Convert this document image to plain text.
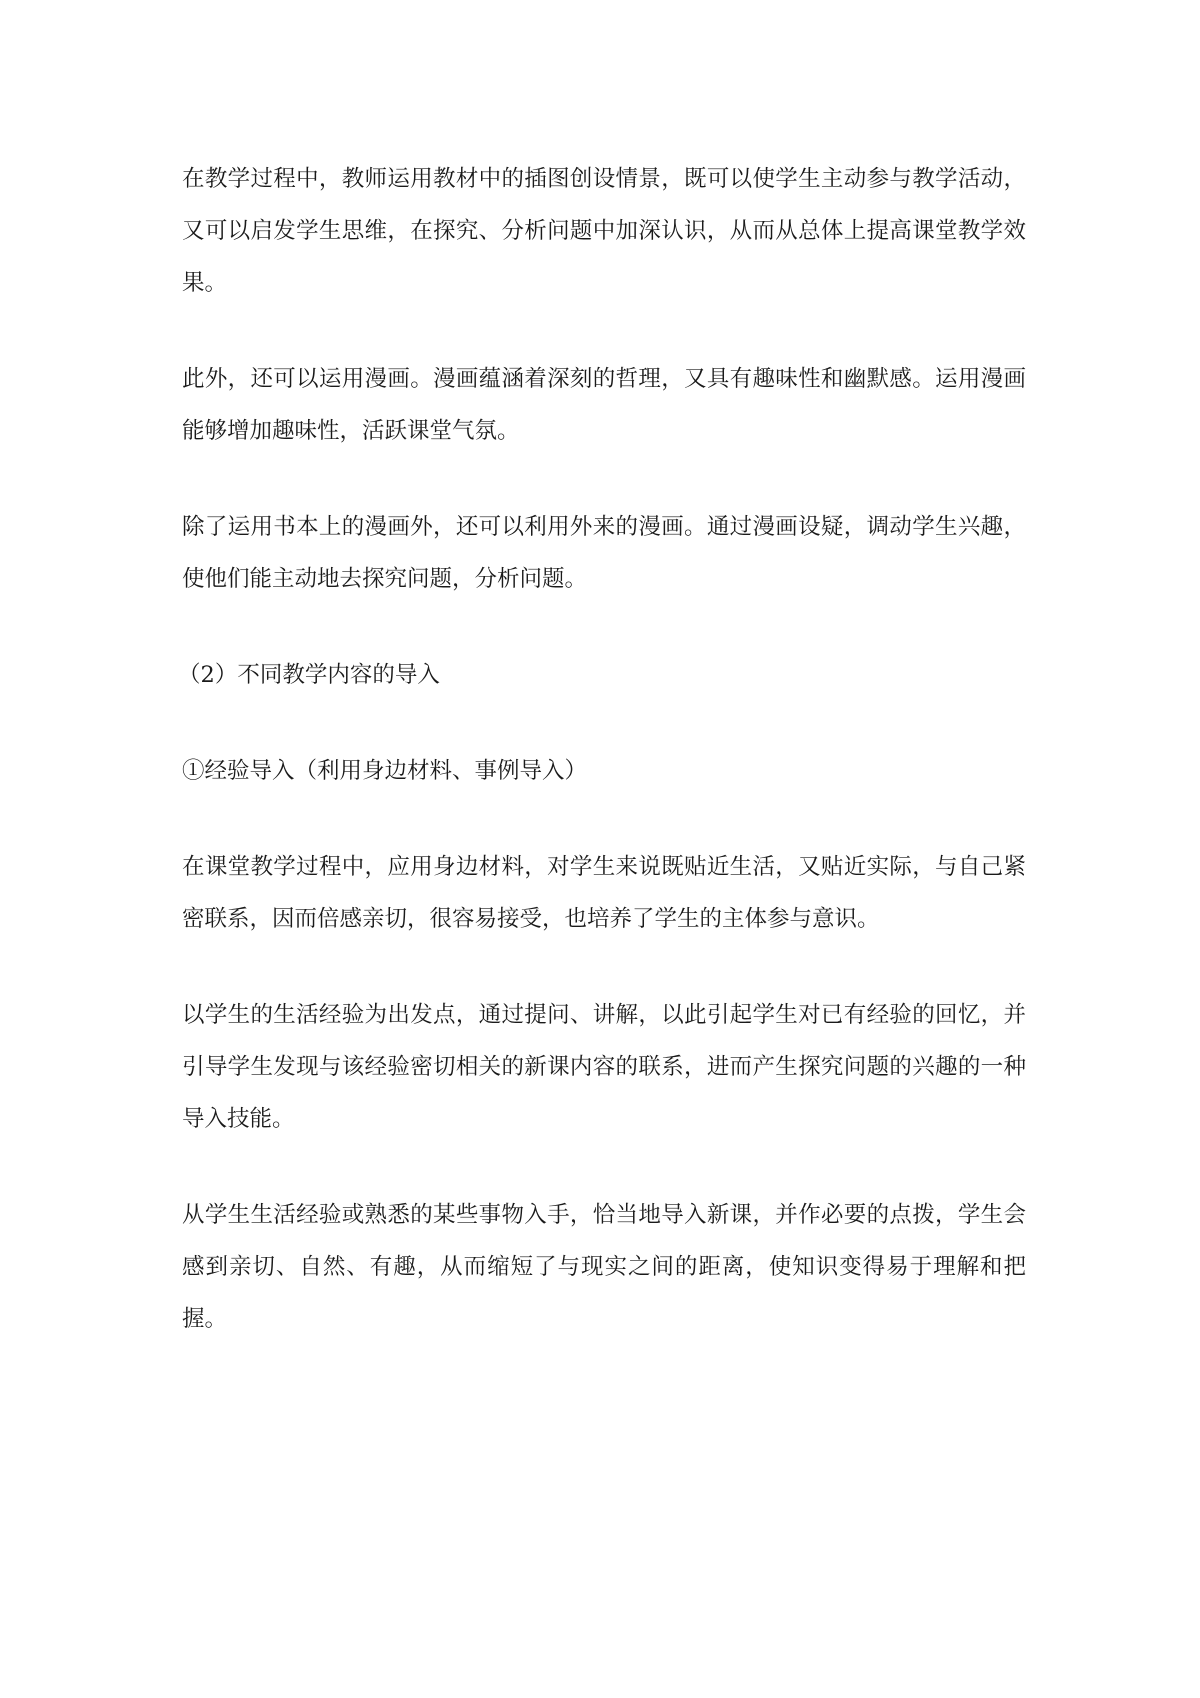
在教学过程中，教师运用教材中的插图创设情景，既可以使学生主动参与教学活动，又可以启发学生思维，在探究、分析问题中加深认识，从而从总体上提高课堂教学效果。

此外，还可以运用漫画。漫画蕴涵着深刻的哲理，又具有趣味性和幽默感。运用漫画能够增加趣味性，活跃课堂气氛。

除了运用书本上的漫画外，还可以利用外来的漫画。通过漫画设疑，调动学生兴趣，使他们能主动地去探究问题，分析问题。

（2）不同教学内容的导入

①经验导入（利用身边材料、事例导入）

在课堂教学过程中，应用身边材料，对学生来说既贴近生活，又贴近实际，与自己紧密联系，因而倍感亲切，很容易接受，也培养了学生的主体参与意识。

以学生的生活经验为出发点，通过提问、讲解，以此引起学生对已有经验的回忆，并引导学生发现与该经验密切相关的新课内容的联系，进而产生探究问题的兴趣的一种导入技能。

从学生生活经验或熟悉的某些事物入手，恰当地导入新课，并作必要的点拨，学生会感到亲切、自然、有趣，从而缩短了与现实之间的距离，使知识变得易于理解和把握。
